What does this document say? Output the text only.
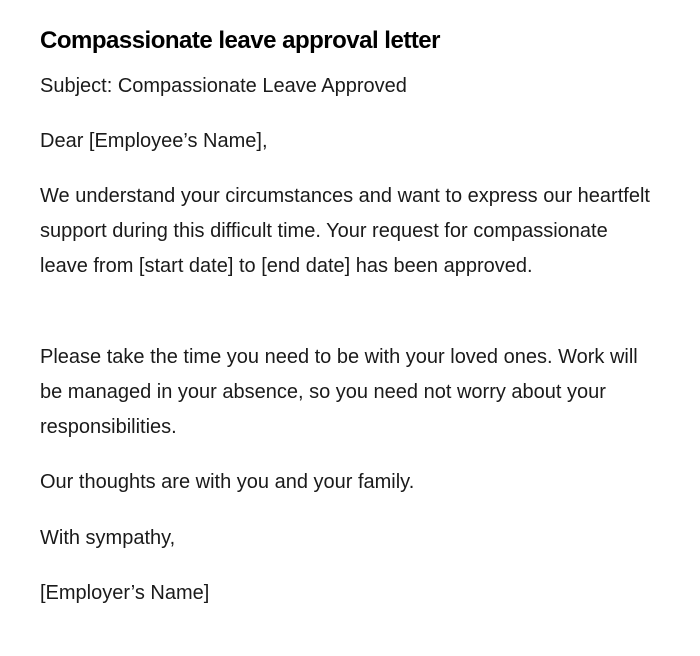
Compassionate leave approval letter

Subject: Compassionate Leave Approved

Dear [Employee’s Name],

We understand your circumstances and want to express our heartfelt support during this difficult time. Your request for compassionate leave from [start date] to [end date] has been approved.

Please take the time you need to be with your loved ones. Work will be managed in your absence, so you need not worry about your responsibilities.

Our thoughts are with you and your family.

With sympathy,

[Employer’s Name]
